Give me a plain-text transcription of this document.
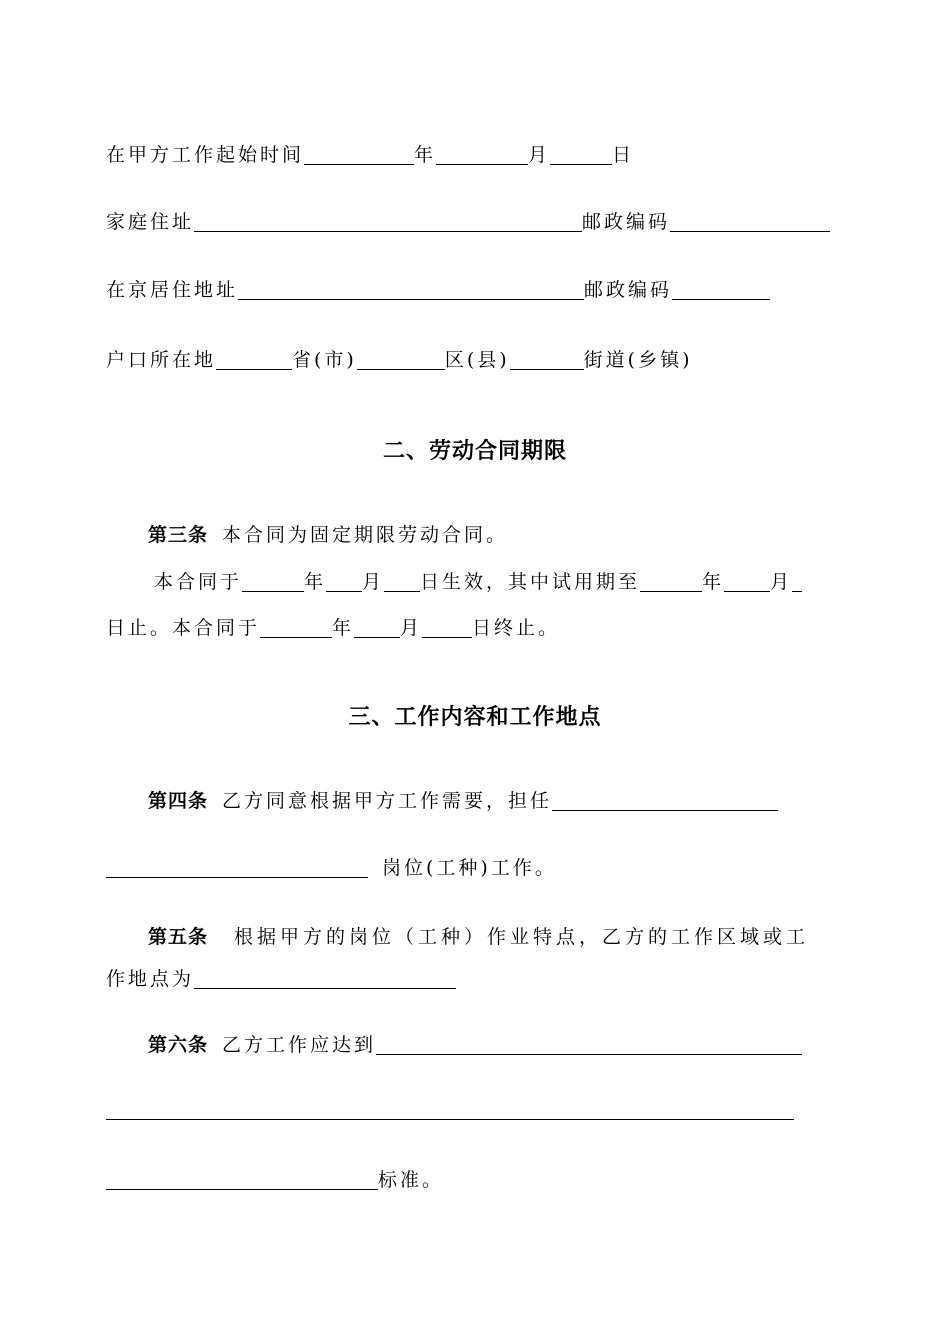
在甲方工作起始时间	年	月	日
家庭住址	邮政编码
在京居住地址	邮政编码
户口所在地	省(市)	区(县)	街道(乡镇)
二、劳动合同期限
第三条 本合同为固定期限劳动合同。
本合同于	年 月 日生效，其中试用期至	年 月
日止。本合同于	年 月	日终止。
三、工作内容和工作地点
第四条 乙方同意根据甲方工作需要，担任
岗位(工种)工作。
第五条 根据甲方的岗位（工种）作业特点，乙方的工作区域或工
作地点为
第六条 乙方工作应达到
标准。
